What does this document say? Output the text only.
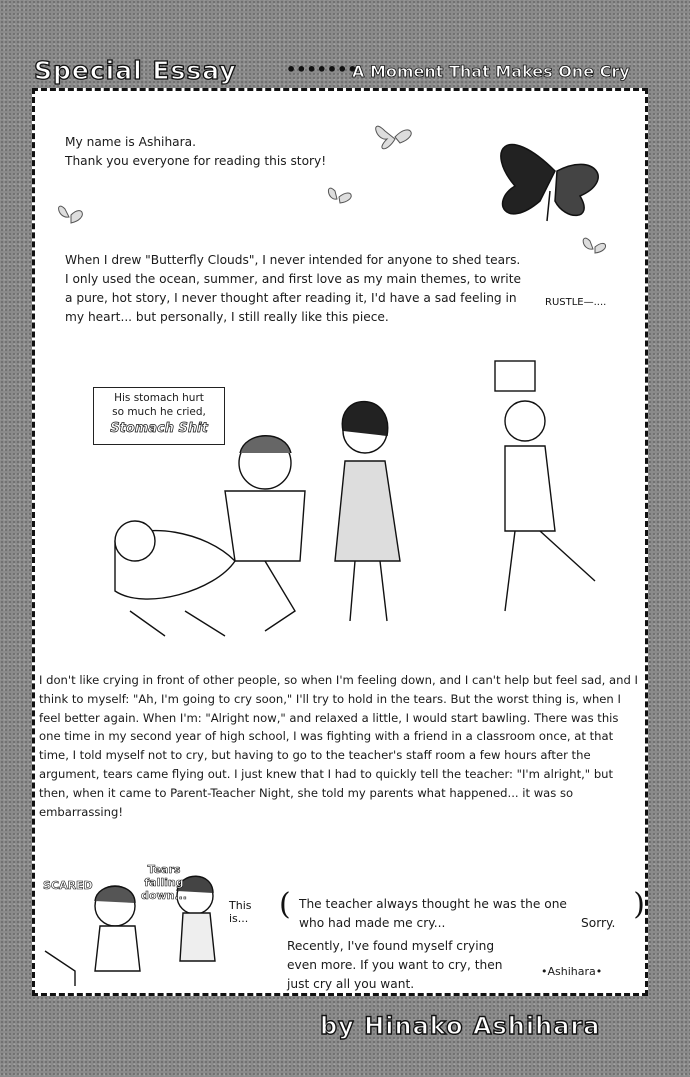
Special Essay	•••••••
A Moment That Makes One Cry
My name is Ashihara.
Thank you everyone for reading this story!

When I drew "Butterfly Clouds", I never intended for anyone to shed tears. I only used the ocean, summer, and first love as my main themes, to write a pure, hot story, I never thought after reading it, I'd have a sad feeling in my heart... but personally, I still really like this piece.

RUSTLE—....
His stomach hurt
so much he cried,
Stomach Shit

I don't like crying in front of other people, so when I'm feeling down, and I can't help but feel sad, and I think to myself: "Ah, I'm going to cry soon," I'll try to hold in the tears. But the worst thing is, when I feel better again. When I'm: "Alright now," and relaxed a little, I would start bawling. There was this one time in my second year of high school, I was fighting with a friend in a classroom once, at that time, I told myself not to cry, but having to go to the teacher's staff room a few hours after the argument, tears came flying out. I just knew that I had to quickly tell the teacher: "I'm alright," but then, when it came to Parent-Teacher Night, she told my parents what happened... it was so embarrassing!

SCARED
Tears falling down...
This is...	( The teacher always thought he was the one
who had made me cry...	Sorry.
)

Recently, I've found myself crying even more. If you want to cry, then just cry all you want.

•Ashihara•
by Hinako Ashihara
